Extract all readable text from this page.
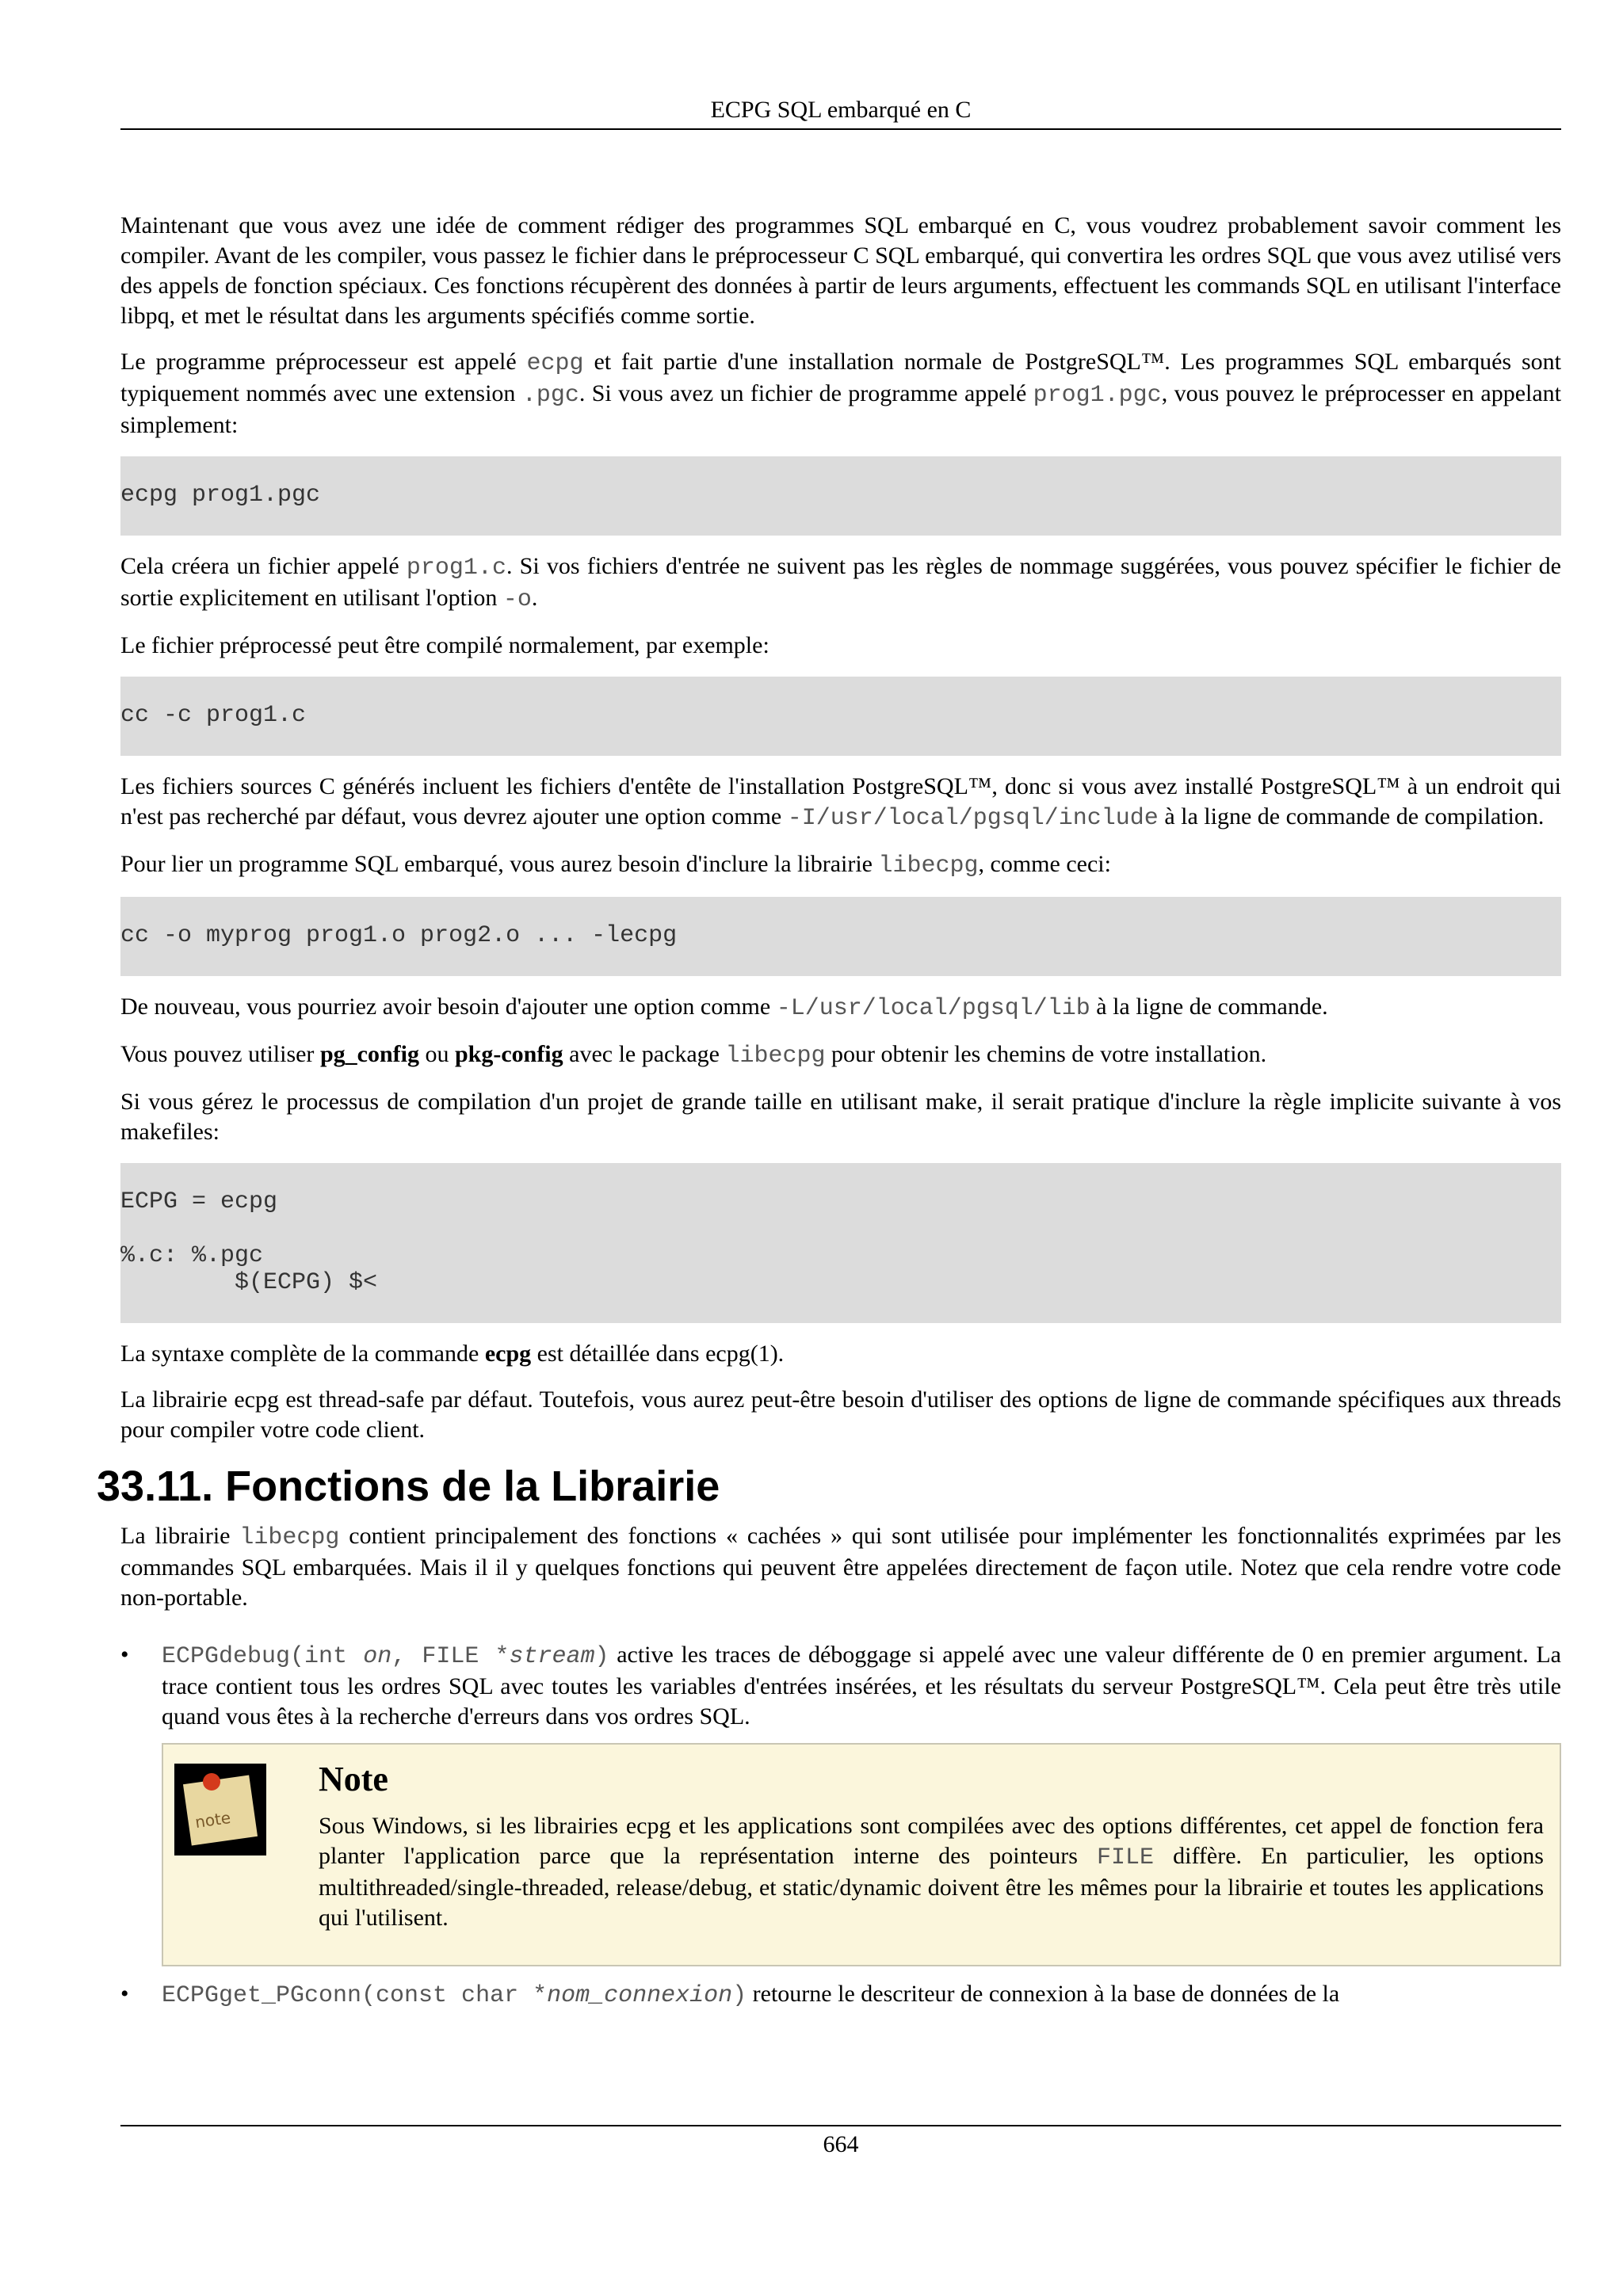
ECPG SQL embarqué en C

Maintenant que vous avez une idée de comment rédiger des programmes SQL embarqué en C, vous voudrez probablement savoir comment les compiler. Avant de les compiler, vous passez le fichier dans le préprocesseur C SQL embarqué, qui convertira les ordres SQL que vous avez utilisé vers des appels de fonction spéciaux. Ces fonctions récupèrent des données à partir de leurs arguments, effectuent les commands SQL en utilisant l'interface libpq, et met le résultat dans les arguments spécifiés comme sortie.

Le programme préprocesseur est appelé ecpg et fait partie d'une installation normale de PostgreSQL™. Les programmes SQL embarqués sont typiquement nommés avec une extension .pgc. Si vous avez un fichier de programme appelé prog1.pgc, vous pouvez le préprocesser en appelant simplement:

ecpg prog1.pgc

Cela créera un fichier appelé prog1.c. Si vos fichiers d'entrée ne suivent pas les règles de nommage suggérées, vous pouvez spécifier le fichier de sortie explicitement en utilisant l'option -o.

Le fichier préprocessé peut être compilé normalement, par exemple:

cc -c prog1.c

Les fichiers sources C générés incluent les fichiers d'entête de l'installation PostgreSQL™, donc si vous avez installé PostgreSQL™ à un endroit qui n'est pas recherché par défaut, vous devrez ajouter une option comme -I/usr/local/pgsql/include à la ligne de commande de compilation.

Pour lier un programme SQL embarqué, vous aurez besoin d'inclure la librairie libecpg, comme ceci:

cc -o myprog prog1.o prog2.o ... -lecpg

De nouveau, vous pourriez avoir besoin d'ajouter une option comme -L/usr/local/pgsql/lib à la ligne de commande.

Vous pouvez utiliser pg_config ou pkg-config avec le package libecpg pour obtenir les chemins de votre installation.

Si vous gérez le processus de compilation d'un projet de grande taille en utilisant make, il serait pratique d'inclure la règle implicite suivante à vos makefiles:

ECPG = ecpg

%.c: %.pgc
$(ECPG) $<

La syntaxe complète de la commande ecpg est détaillée dans ecpg(1).

La librairie ecpg est thread-safe par défaut. Toutefois, vous aurez peut-être besoin d'utiliser des options de ligne de commande spécifiques aux threads pour compiler votre code client.

33.11. Fonctions de la Librairie

La librairie libecpg contient principalement des fonctions « cachées » qui sont utilisée pour implémenter les fonctionnalités exprimées par les commandes SQL embarquées. Mais il il y quelques fonctions qui peuvent être appelées directement de façon utile. Notez que cela rendre votre code non-portable.

• ECPGdebug(int on, FILE *stream) active les traces de déboggage si appelé avec une valeur différente de 0 en premier argument. La trace contient tous les ordres SQL avec toutes les variables d'entrées insérées, et les résultats du serveur PostgreSQL™. Cela peut être très utile quand vous êtes à la recherche d'erreurs dans vos ordres SQL.
note
Note

Sous Windows, si les librairies ecpg et les applications sont compilées avec des options différentes, cet appel de fonction fera planter l'application parce que la représentation interne des pointeurs FILE diffère. En particulier, les options multithreaded/single-threaded, release/debug, et static/dynamic doivent être les mêmes pour la librairie et toutes les applications qui l'utilisent.

• ECPGget_PGconn(const char *nom_connexion) retourne le descriteur de connexion à la base de données de la
664
